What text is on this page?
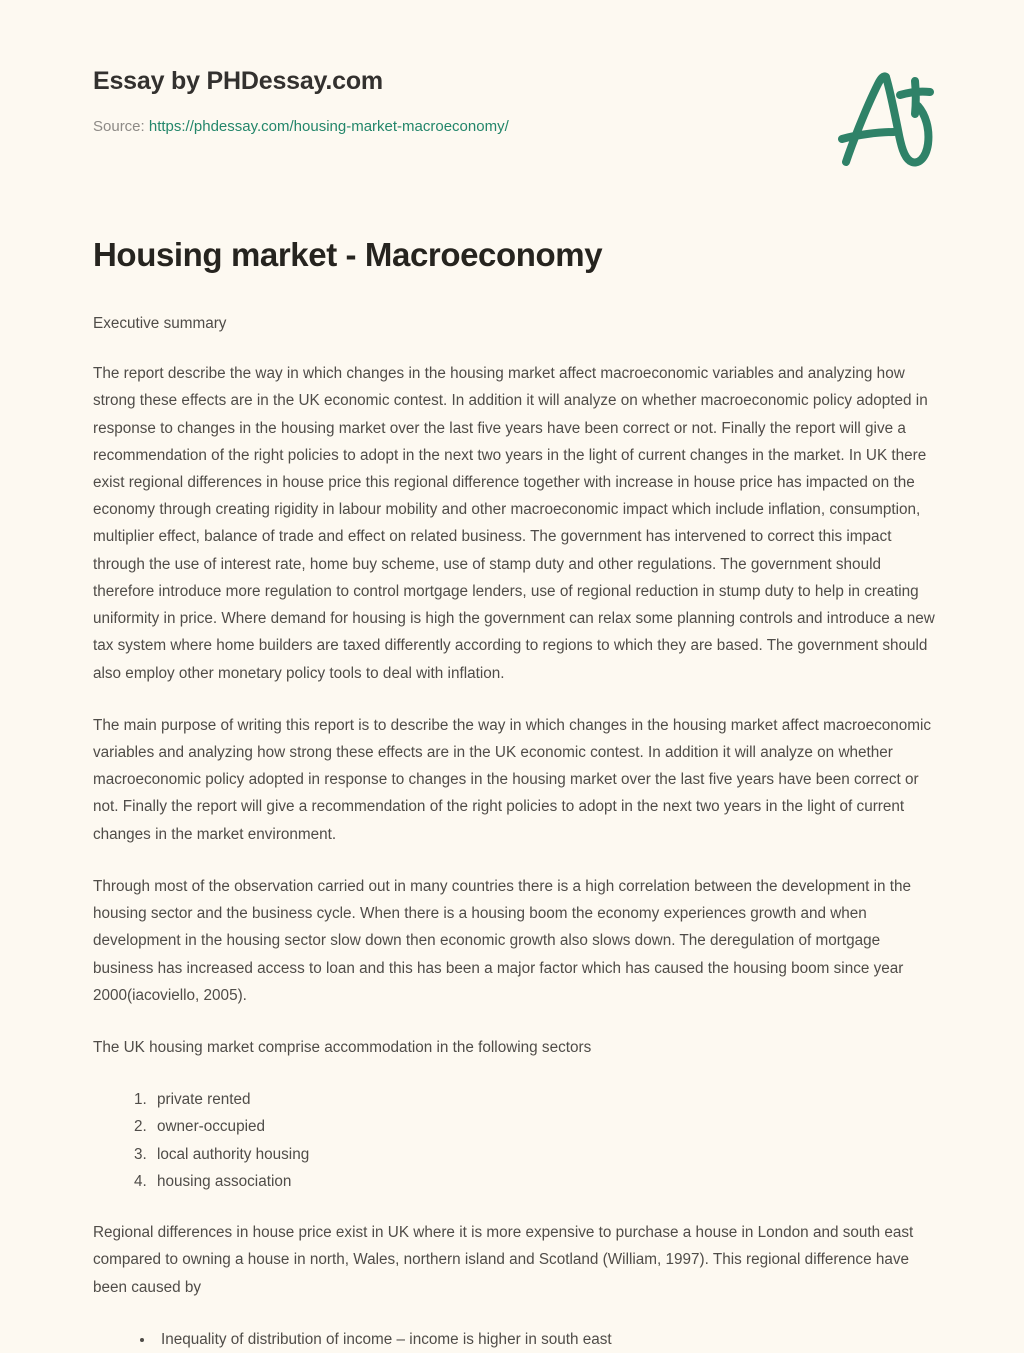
Essay by PHDessay.com

Source: https://phdessay.com/housing-market-macroeconomy/

Housing market - Macroeconomy

Executive summary

The report describe the way in which changes in the housing market affect macroeconomic variables and analyzing how strong these effects are in the UK economic contest. In addition it will analyze on whether macroeconomic policy adopted in response to changes in the housing market over the last five years have been correct or not. Finally the report will give a recommendation of the right policies to adopt in the next two years in the light of current changes in the market. In UK there exist regional differences in house price this regional difference together with increase in house price has impacted on the economy through creating rigidity in labour mobility and other macroeconomic impact which include inflation, consumption, multiplier effect, balance of trade and effect on related business. The government has intervened to correct this impact through the use of interest rate, home buy scheme, use of stamp duty and other regulations. The government should therefore introduce more regulation to control mortgage lenders, use of regional reduction in stump duty to help in creating uniformity in price. Where demand for housing is high the government can relax some planning controls and introduce a new tax system where home builders are taxed differently according to regions to which they are based. The government should also employ other monetary policy tools to deal with inflation.

The main purpose of writing this report is to describe the way in which changes in the housing market affect macroeconomic variables and analyzing how strong these effects are in the UK economic contest. In addition it will analyze on whether macroeconomic policy adopted in response to changes in the housing market over the last five years have been correct or not. Finally the report will give a recommendation of the right policies to adopt in the next two years in the light of current changes in the market environment.

Through most of the observation carried out in many countries there is a high correlation between the development in the housing sector and the business cycle. When there is a housing boom the economy experiences growth and when development in the housing sector slow down then economic growth also slows down. The deregulation of mortgage business has increased access to loan and this has been a major factor which has caused the housing boom since year 2000(iacoviello, 2005).

The UK housing market comprise accommodation in the following sectors

1. private rented
2. owner-occupied
3. local authority housing
4. housing association

Regional differences in house price exist in UK where it is more expensive to purchase a house in London and south east compared to owning a house in north, Wales, northern island and Scotland (William, 1997). This regional difference have been caused by

• Inequality of distribution of income – income is higher in south east
